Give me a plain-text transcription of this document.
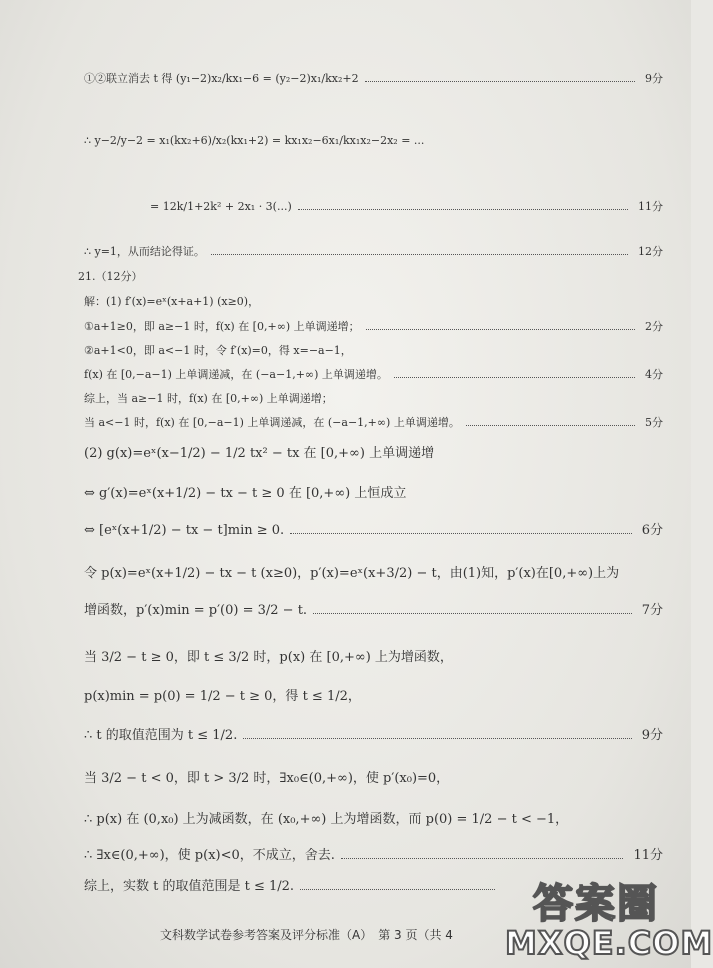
①②联立消去 t 得 (y₁−2)x₂/kx₁−6 = (y₂−2)x₁/kx₂+2	9分
∴ y−2/y−2 = x₁(kx₂+6)/x₂(kx₁+2) = kx₁x₂−6x₁/kx₁x₂−2x₂ = ...
= 12k/1+2k² + 2x₁ · 3(...)	11分
∴ y=1，从而结论得证。	12分
21.（12分）
解：(1) f′(x)=eˣ(x+a+1) (x≥0)，
①a+1≥0，即 a≥−1 时，f(x) 在 [0,+∞) 上单调递增；	2分
②a+1<0，即 a<−1 时，令 f′(x)=0，得 x=−a−1，
f(x) 在 [0,−a−1) 上单调递减，在 (−a−1,+∞) 上单调递增。	4分
综上，当 a≥−1 时，f(x) 在 [0,+∞) 上单调递增；
当 a<−1 时，f(x) 在 [0,−a−1) 上单调递减，在 (−a−1,+∞) 上单调递增。	5分
(2) g(x)=eˣ(x−1/2) − 1/2 tx² − tx 在 [0,+∞) 上单调递增
⇔ g′(x)=eˣ(x+1/2) − tx − t ≥ 0 在 [0,+∞) 上恒成立
⇔ [eˣ(x+1/2) − tx − t]min ≥ 0.	6分
令 p(x)=eˣ(x+1/2) − tx − t (x≥0)，p′(x)=eˣ(x+3/2) − t，由(1)知，p′(x)在[0,+∞)上为
增函数，p′(x)min = p′(0) = 3/2 − t.	7分
当 3/2 − t ≥ 0，即 t ≤ 3/2 时，p(x) 在 [0,+∞) 上为增函数，
p(x)min = p(0) = 1/2 − t ≥ 0，得 t ≤ 1/2，
∴ t 的取值范围为 t ≤ 1/2.	9分
当 3/2 − t < 0，即 t > 3/2 时，∃x₀∈(0,+∞)，使 p′(x₀)=0，
∴ p(x) 在 (0,x₀) 上为减函数，在 (x₀,+∞) 上为增函数，而 p(0) = 1/2 − t < −1，
∴ ∃x∈(0,+∞)，使 p(x)<0，不成立，舍去.	11分
综上，实数 t 的取值范围是 t ≤ 1/2.
文科数学试卷参考答案及评分标准（A）　第 3 页（共 4
答案圈
MXQE.COM
